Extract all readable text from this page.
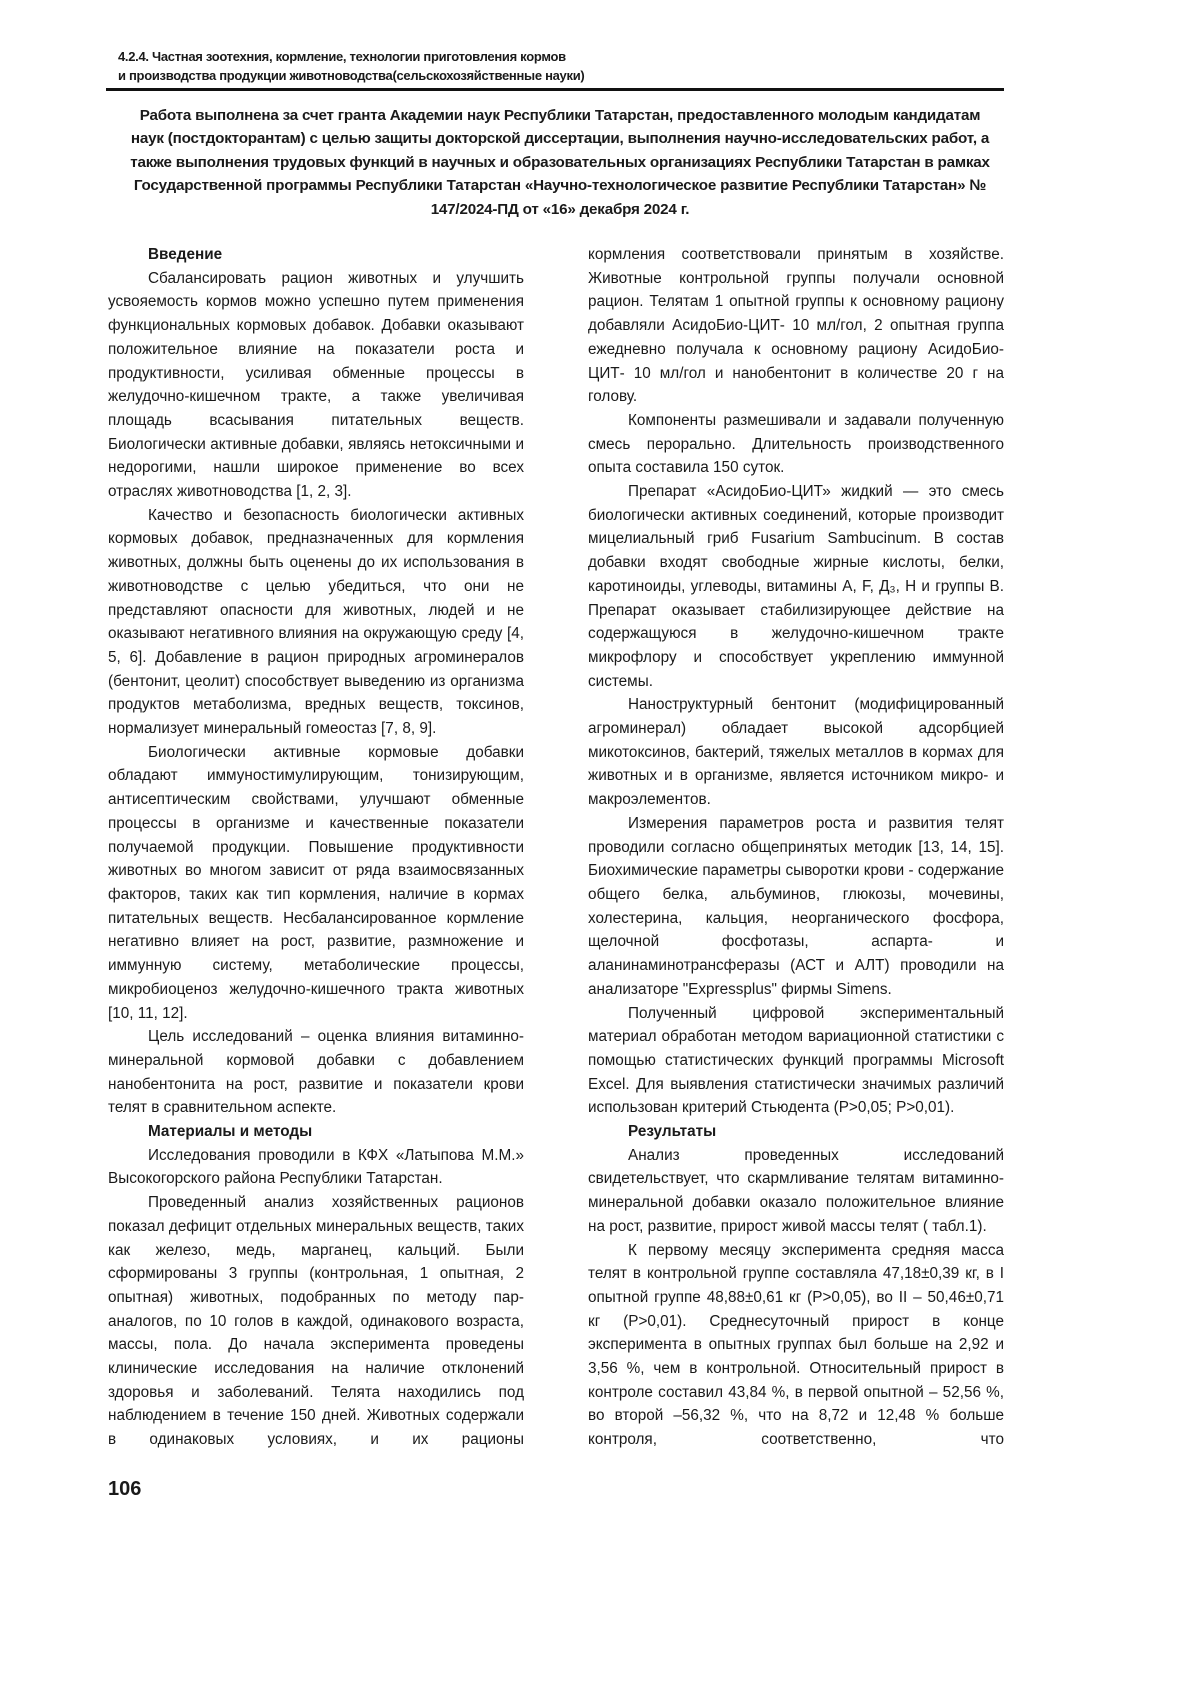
4.2.4. Частная зоотехния, кормление, технологии приготовления кормов
и производства продукции животноводства(сельскохозяйственные науки)
Работа выполнена за счет гранта Академии наук Республики Татарстан, предоставленного молодым кандидатам наук (постдокторантам) с целью защиты докторской диссертации, выполнения научно-исследовательских работ, а также выполнения трудовых функций в научных и образовательных организациях Республики Татарстан в рамках Государственной программы Республики Татарстан «Научно-технологическое развитие Республики Татарстан» № 147/2024-ПД от «16» декабря 2024 г.
Введение

Сбалансировать рацион животных и улучшить усвояемость кормов можно успешно путем применения функциональных кормовых добавок. Добавки оказывают положительное влияние на показатели роста и продуктивности, усиливая обменные процессы в желудочно-кишечном тракте, а также увеличивая площадь всасывания питательных веществ. Биологически активные добавки, являясь нетоксичными и недорогими, нашли широкое применение во всех отраслях животноводства [1, 2, 3].

Качество и безопасность биологически активных кормовых добавок, предназначенных для кормления животных, должны быть оценены до их использования в животноводстве с целью убедиться, что они не представляют опасности для животных, людей и не оказывают негативного влияния на окружающую среду [4, 5, 6]. Добавление в рацион природных агроминералов (бентонит, цеолит) способствует выведению из организма продуктов метаболизма, вредных веществ, токсинов, нормализует минеральный гомеостаз [7, 8, 9].

Биологически активные кормовые добавки обладают иммуностимулирующим, тонизирующим, антисептическим свойствами, улучшают обменные процессы в организме и качественные показатели получаемой продукции. Повышение продуктивности животных во многом зависит от ряда взаимосвязанных факторов, таких как тип кормления, наличие в кормах питательных веществ. Несбалансированное кормление негативно влияет на рост, развитие, размножение и иммунную систему, метаболические процессы, микробиоценоз желудочно-кишечного тракта животных [10, 11, 12].

Цель исследований – оценка влияния витаминно-минеральной кормовой добавки с добавлением нанобентонита на рост, развитие и показатели крови телят в сравнительном аспекте.

Материалы и методы

Исследования проводили в КФХ «Латыпова М.М.» Высокогорского района Республики Татарстан.

Проведенный анализ хозяйственных рационов показал дефицит отдельных минеральных веществ, таких как железо, медь, марганец, кальций. Были сформированы 3 группы (контрольная, 1 опытная, 2 опытная) животных, подобранных по методу пар-аналогов, по 10 голов в каждой, одинакового возраста, массы, пола. До начала эксперимента проведены клинические исследования на наличие отклонений здоровья и заболеваний. Телята находились под наблюдением в течение 150 дней. Животных содержали в одинаковых условиях, и их рационы

кормления соответствовали принятым в хозяйстве. Животные контрольной группы получали основной рацион. Телятам 1 опытной группы к основному рациону добавляли АсидоБио-ЦИТ- 10 мл/гол, 2 опытная группа ежедневно получала к основному рациону АсидоБио-ЦИТ- 10 мл/гол и нанобентонит в количестве 20 г на голову.

Компоненты размешивали и задавали полученную смесь перорально. Длительность производственного опыта составила 150 суток.

Препарат «АсидоБио-ЦИТ» жидкий — это смесь биологически активных соединений, которые производит мицелиальный гриб Fusarium Sambucinum. В состав добавки входят свободные жирные кислоты, белки, каротиноиды, углеводы, витамины А, F, Д₃, Н и группы В. Препарат оказывает стабилизирующее действие на содержащуюся в желудочно-кишечном тракте микрофлору и способствует укреплению иммунной системы.

Наноструктурный бентонит (модифицированный агроминерал) обладает высокой адсорбцией микотоксинов, бактерий, тяжелых металлов в кормах для животных и в организме, является источником микро- и макроэлементов.

Измерения параметров роста и развития телят проводили согласно общепринятых методик [13, 14, 15]. Биохимические параметры сыворотки крови - содержание общего белка, альбуминов, глюкозы, мочевины, холестерина, кальция, неорганического фосфора, щелочной фосфотазы, аспарта- и аланинаминотрансферазы (АСТ и АЛТ) проводили на анализаторе "Expressplus" фирмы Simens.

Полученный цифровой экспериментальный материал обработан методом вариационной статистики с помощью статистических функций программы Microsoft Excel. Для выявления статистически значимых различий использован критерий Стьюдента (Р>0,05; Р>0,01).

Результаты

Анализ проведенных исследований свидетельствует, что скармливание телятам витаминно-минеральной добавки оказало положительное влияние на рост, развитие, прирост живой массы телят ( табл.1).

К первому месяцу эксперимента средняя масса телят в контрольной группе составляла 47,18±0,39 кг, в I опытной группе 48,88±0,61 кг (Р>0,05), во II – 50,46±0,71 кг (Р>0,01). Среднесуточный прирост в конце эксперимента в опытных группах был больше на 2,92 и 3,56 %, чем в контрольной. Относительный прирост в контроле составил 43,84 %, в первой опытной – 52,56 %, во второй –56,32 %, что на 8,72 и 12,48 % больше контроля, соответственно, что

106
